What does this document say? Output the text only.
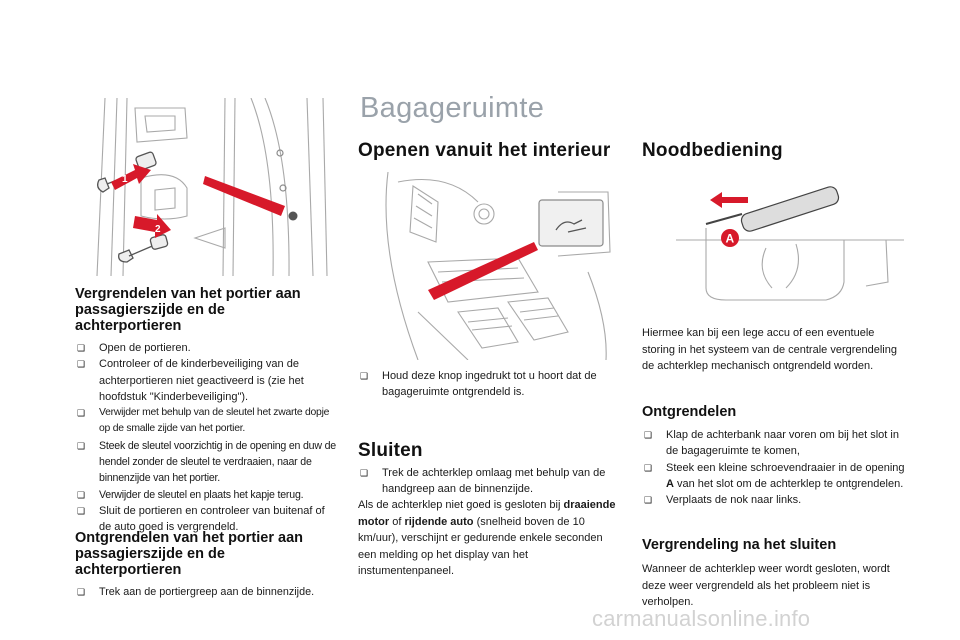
Bagageruimte
1
2
Vergrendelen van het portier aan passagierszijde en de achterportieren
❑ Open de portieren.
❑ Controleer of de kinderbeveiliging van de achterportieren niet geactiveerd is (zie het hoofdstuk "Kinderbeveiliging").
❑ Verwijder met behulp van de sleutel het zwarte dopje op de smalle zijde van het portier.
❑ Steek de sleutel voorzichtig in de opening en duw de hendel zonder de sleutel te verdraaien, naar de binnenzijde van het portier.
❑ Verwijder de sleutel en plaats het kapje terug.
❑ Sluit de portieren en controleer van buitenaf of de auto goed is vergrendeld.
Ontgrendelen van het portier aan passagierszijde en de achterportieren
❑ Trek aan de portiergreep aan de binnenzijde.
Openen vanuit het interieur
❑ Houd deze knop ingedrukt tot u hoort dat de bagageruimte ontgrendeld is.
Sluiten
❑ Trek de achterklep omlaag met behulp van de handgreep aan de binnenzijde.

Als de achterklep niet goed is gesloten bij draaiende motor of rijdende auto (snelheid boven de 10 km/uur), verschijnt er gedurende enkele seconden een melding op het display van het instumentenpaneel.

Noodbediening
A

Hiermee kan bij een lege accu of een eventuele storing in het systeem van de centrale vergrendeling de achterklep mechanisch ontgrendeld worden.

Ontgrendelen
❑ Klap de achterbank naar voren om bij het slot in de bagageruimte te komen,
❑ Steek een kleine schroevendraaier in de opening A van het slot om de achterklep te ontgrendelen.
❑ Verplaats de nok naar links.
Vergrendeling na het sluiten

Wanneer de achterklep weer wordt gesloten, wordt deze weer vergrendeld als het probleem niet is verholpen.

carmanualsonline.info
